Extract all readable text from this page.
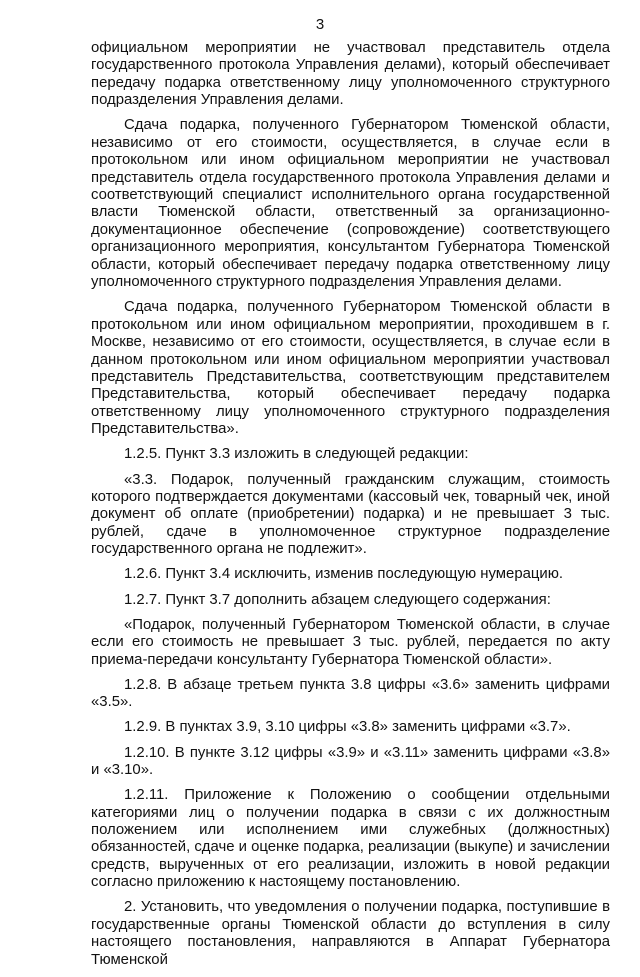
3

официальном мероприятии не участвовал представитель отдела государственного протокола Управления делами), который обеспечивает передачу подарка ответственному лицу уполномоченного структурного подразделения Управления делами.

Сдача подарка, полученного Губернатором Тюменской области, независимо от его стоимости, осуществляется, в случае если в протокольном или ином официальном мероприятии не участвовал представитель отдела государственного протокола Управления делами и соответствующий специалист исполнительного органа государственной власти Тюменской области, ответственный за организационно-документационное обеспечение (сопровождение) соответствующего организационного мероприятия, консультантом Губернатора Тюменской области, который обеспечивает передачу подарка ответственному лицу уполномоченного структурного подразделения Управления делами.

Сдача подарка, полученного Губернатором Тюменской области в протокольном или ином официальном мероприятии, проходившем в г. Москве, независимо от его стоимости, осуществляется, в случае если в данном протокольном или ином официальном мероприятии участвовал представитель Представительства, соответствующим представителем Представительства, который обеспечивает передачу подарка ответственному лицу уполномоченного структурного подразделения Представительства».

1.2.5. Пункт 3.3 изложить в следующей редакции:

«3.3. Подарок, полученный гражданским служащим, стоимость которого подтверждается документами (кассовый чек, товарный чек, иной документ об оплате (приобретении) подарка) и не превышает 3 тыс. рублей, сдаче в уполномоченное структурное подразделение государственного органа не подлежит».

1.2.6. Пункт 3.4 исключить, изменив последующую нумерацию.

1.2.7. Пункт 3.7 дополнить абзацем следующего содержания:

«Подарок, полученный Губернатором Тюменской области, в случае если его стоимость не превышает 3 тыс. рублей, передается по акту приема-передачи консультанту Губернатора Тюменской области».

1.2.8. В абзаце третьем пункта 3.8 цифры «3.6» заменить цифрами «3.5».

1.2.9. В пунктах 3.9, 3.10 цифры «3.8» заменить цифрами «3.7».

1.2.10. В пункте 3.12 цифры «3.9» и «3.11» заменить цифрами «3.8» и «3.10».

1.2.11. Приложение к Положению о сообщении отдельными категориями лиц о получении подарка в связи с их должностным положением или исполнением ими служебных (должностных) обязанностей, сдаче и оценке подарка, реализации (выкупе) и зачислении средств, вырученных от его реализации, изложить в новой редакции согласно приложению к настоящему постановлению.

2. Установить, что уведомления о получении подарка, поступившие в государственные органы Тюменской области до вступления в силу настоящего постановления, направляются в Аппарат Губернатора Тюменской
